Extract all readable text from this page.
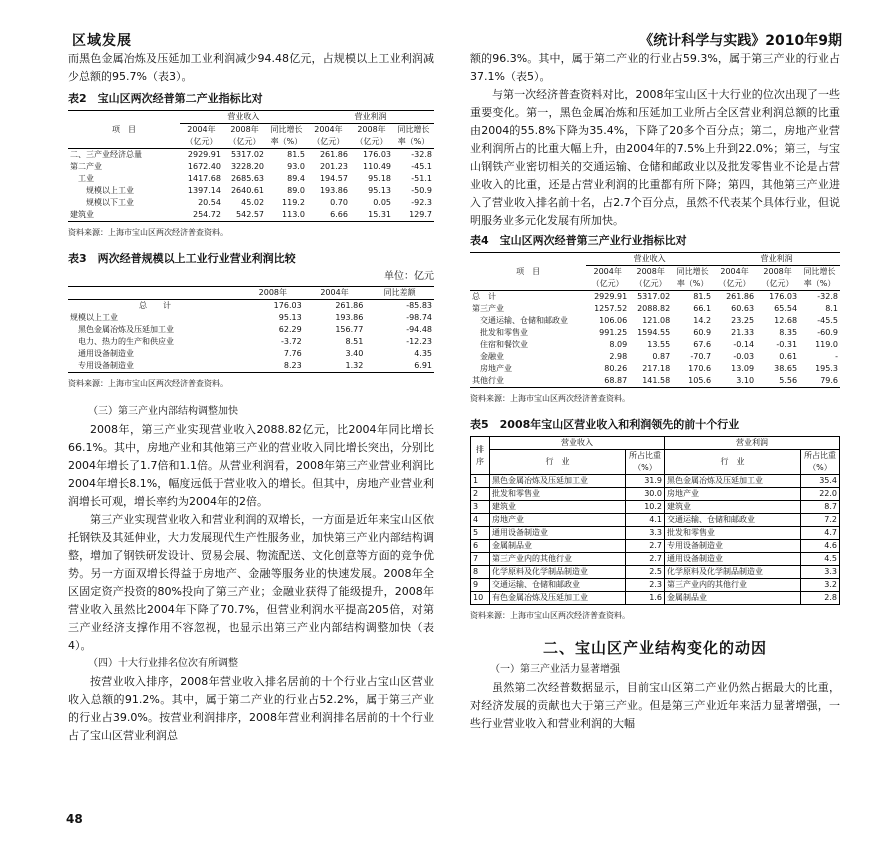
区域发展	《统计科学与实践》2010年9期

而黑色金属冶炼及压延加工业利润减少94.48亿元，占规模以上工业利润减少总额的95.7%（表3）。

表2　宝山区两次经普第二产业指标比对

项　目	营业收入			营业利润		
	2004年（亿元）	2008年（亿元）	同比增长率（%）	2004年（亿元）	2008年（亿元）	同比增长率（%）
二、三产业经济总量	2929.91	5317.02	81.5	261.86	176.03	-32.8
第二产业	1672.40	3228.20	93.0	201.23	110.49	-45.1
工业	1417.68	2685.63	89.4	194.57	95.18	-51.1
规模以上工业	1397.14	2640.61	89.0	193.86	95.13	-50.9
规模以下工业	20.54	45.02	119.2	0.70	0.05	-92.3
建筑业	254.72	542.57	113.0	6.66	15.31	129.7

资料来源：上海市宝山区两次经济普查资料。

表3　两次经普规模以上工业行业营业利润比较

单位：亿元

	2008年	2004年	同比差额
总　　计	176.03	261.86	-85.83
规模以上工业	95.13	193.86	-98.74
黑色金属冶炼及压延加工业	62.29	156.77	-94.48
电力、热力的生产和供应业	-3.72	8.51	-12.23
通用设备制造业	7.76	3.40	4.35
专用设备制造业	8.23	1.32	6.91

资料来源：上海市宝山区两次经济普查资料。

（三）第三产业内部结构调整加快

2008年，第三产业实现营业收入2088.82亿元，比2004年同比增长66.1%。其中，房地产业和其他第三产业的营业收入同比增长突出，分别比2004年增长了1.7倍和1.1倍。从营业利润看，2008年第三产业营业利润比2004年增长8.1%，幅度远低于营业收入的增长。但其中，房地产业营业利润增长可观，增长率约为2004年的2倍。

第三产业实现营业收入和营业利润的双增长，一方面是近年来宝山区依托钢铁及其延伸业，大力发展现代生产性服务业，加快第三产业内部结构调整，增加了钢铁研发设计、贸易会展、物流配送、文化创意等方面的竞争优势。另一方面双增长得益于房地产、金融等服务业的快速发展。2008年全区固定资产投资的80%投向了第三产业；金融业获得了能级提升，2008年营业收入虽然比2004年下降了70.7%，但营业利润水平提高205倍，对第三产业经济支撑作用不容忽视，也显示出第三产业内部结构调整加快（表4）。

（四）十大行业排名位次有所调整

按营业收入排序，2008年营业收入排名居前的十个行业占宝山区营业收入总额的91.2%。其中，属于第二产业的行业占52.2%，属于第三产业的行业占39.0%。按营业利润排序，2008年营业利润排名居前的十个行业占了宝山区营业利润总

48

额的96.3%。其中，属于第二产业的行业占59.3%，属于第三产业的行业占37.1%（表5）。

与第一次经济普查资料对比，2008年宝山区十大行业的位次出现了一些重要变化。第一，黑色金属冶炼和压延加工业所占全区营业利润总额的比重由2004的55.8%下降为35.4%，下降了20多个百分点；第二，房地产业营业利润所占的比重大幅上升，由2004年的7.5%上升到22.0%；第三，与宝山钢铁产业密切相关的交通运输、仓储和邮政业以及批发零售业不论是占营业收入的比重，还是占营业利润的比重都有所下降；第四，其他第三产业进入了营业收入排名前十名，占2.7个百分点，虽然不代表某个具体行业，但说明服务业多元化发展有所加快。

表4　宝山区两次经普第三产业行业指标比对

项　目	营业收入			营业利润		
	2004年（亿元）	2008年（亿元）	同比增长率（%）	2004年（亿元）	2008年（亿元）	同比增长率（%）
总　计	2929.91	5317.02	81.5	261.86	176.03	-32.8
第三产业	1257.52	2088.82	66.1	60.63	65.54	8.1
交通运输、仓储和邮政业	106.06	121.08	14.2	23.25	12.68	-45.5
批发和零售业	991.25	1594.55	60.9	21.33	8.35	-60.9
住宿和餐饮业	8.09	13.55	67.6	-0.14	-0.31	119.0
金融业	2.98	0.87	-70.7	-0.03	0.61	-
房地产业	80.26	217.18	170.6	13.09	38.65	195.3
其他行业	68.87	141.58	105.6	3.10	5.56	79.6

资料来源：上海市宝山区两次经济普查资料。

表5　2008年宝山区营业收入和利润领先的前十个行业

排序	营业收入		营业利润	
	行　业	所占比重（%）	行　业	所占比重（%）
1	黑色金属冶炼及压延加工业	31.9	黑色金属冶炼及压延加工业	35.4
2	批发和零售业	30.0	房地产业	22.0
3	建筑业	10.2	建筑业	8.7
4	房地产业	4.1	交通运输、仓储和邮政业	7.2
5	通用设备制造业	3.3	批发和零售业	4.7
6	金属制品业	2.7	专用设备制造业	4.6
7	第三产业内的其他行业	2.7	通用设备制造业	4.5
8	化学原料及化学制品制造业	2.5	化学原料及化学制品制造业	3.3
9	交通运输、仓储和邮政业	2.3	第三产业内的其他行业	3.2
10	有色金属冶炼及压延加工业	1.6	金属制品业	2.8

资料来源：上海市宝山区两次经济普查资料。

二、宝山区产业结构变化的动因

（一）第三产业活力显著增强

虽然第二次经普数据显示，目前宝山区第二产业仍然占据最大的比重，对经济发展的贡献也大于第三产业。但是第三产业近年来活力显著增强，一些行业营业收入和营业利润的大幅
